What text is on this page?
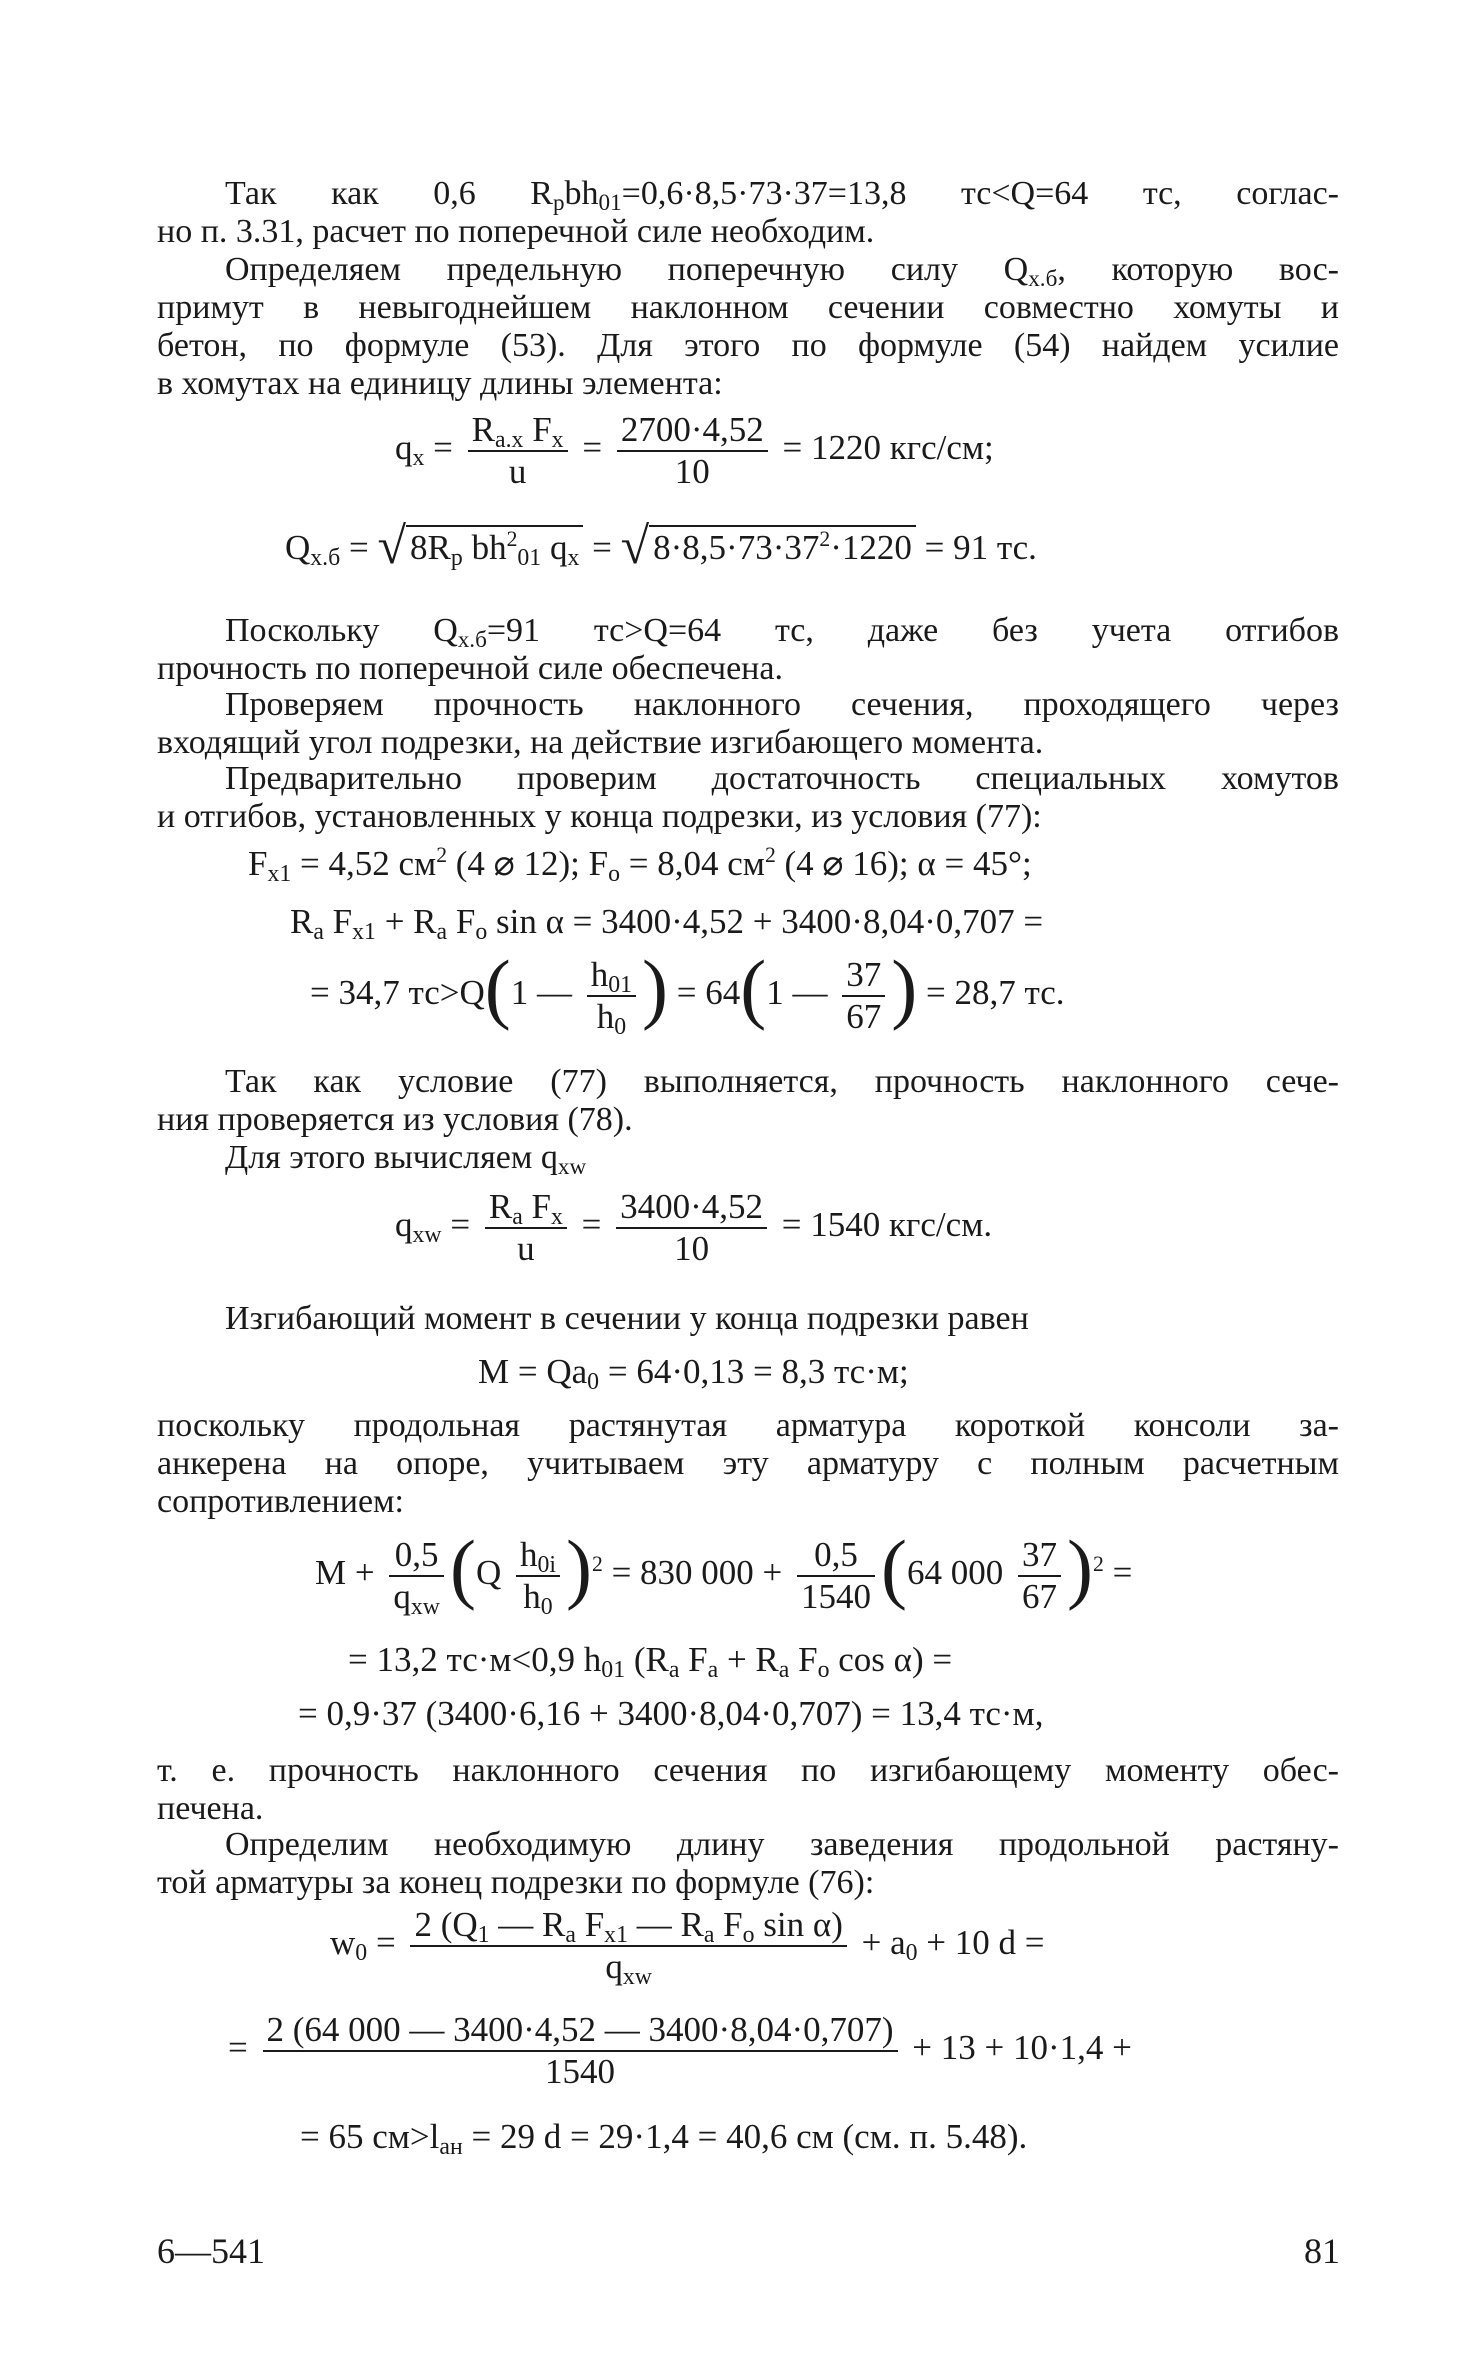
Так как 0,6 $R_рbh_{01}=0,6\cdot 8,5\cdot 73\cdot 37=13,8$ тс<Q=64 тс, соглас-
но п. 3.31, расчет по поперечной силе необходим.
Определяем предельную поперечную силу $Q_{х.б}$, которую вос-
примут в невыгоднейшем наклонном сечении совместно хомуты и
бетон, по формуле (53). Для этого по формуле (54) найдем усилие
в хомутах на единицу длины элемента:
$q_х = \frac{R_{а.х} F_х}{u} = \frac{2700\cdot 4,52}{10} = 1220$ кгс/см;
$Q_{х.б}$ = √ $8R_р$ $bh^2_{01}$ $q_х$ = √ $8\cdot 8,5\cdot 73\cdot 37^2\cdot 1220 = 91$ тс.
Поскольку $Q_{х.б}=91$ тс>Q=64 тс, даже без учета отгибов
прочность по поперечной силе обеспечена.
Проверяем прочность наклонного сечения, проходящего через
входящий угол подрезки, на действие изгибающего момента.
Предварительно проверим достаточность специальных хомутов
и отгибов, установленных у конца подрезки, из условия (77):
$F_{х1} = 4,52$ $см^2$ (4 ⌀ 12); $F_о = 8,04$ $см^2$ (4 ⌀ 16); α = 45°;
$R_а$ $F_{х1} + R_а$ $F_о$ sin α = 3400·4,52 + 3400·8,04·0,707 =
= 34,7 тс>Q(1 — $\frac{h_{01}}{h_0}$ ) = 64(1 — $\frac{37}{67}$ ) = 28,7 тс.
Так как условие (77) выполняется, прочность наклонного сече-
ния проверяется из условия (78).
Для этого вычисляем $q_{хw}$
$q_{хw} = \frac{R_а F_х}{u} = \frac{3400\cdot 4,52}{10} = 1540$ кгс/см.
Изгибающий момент в сечении у конца подрезки равен
$M = Qa_0 = 64\cdot 0,13 = 8,3$ тс·м;
поскольку продольная растянутая арматура короткой консоли за-
анкерена на опоре, учитываем эту арматуру с полным расчетным
сопротивлением:
$M + \frac{0,5}{q_{хw}} (Q \frac{h_{0i}}{h_0} )^2 = 830$ $000 + \frac{0,5}{1540} (64$ $000 \frac{37}{67} )^2$ =
= 13,2 тс·м<0,9 $h_{01}$ ($R_а$ $F_а + R_а$ $F_о$ cos α) =
= 0,9·37 (3400·6,16 + 3400·8,04·0,707) = 13,4 тс·м,
т. е. прочность наклонного сечения по изгибающему моменту обес-
печена.
Определим необходимую длину заведения продольной растяну-
той арматуры за конец подрезки по формуле (76):
$w_0 = \frac{2 (Q_1 — R_а F_{х1} — R_а F_о \sin \alpha)}{q_{хw}} + a_0 + 10$ d =
= $\frac{2 (64 000 — 3400\cdot 4,52 — 3400\cdot 8,04\cdot 0,707)}{1540} + 13 + 10\cdot 1,4$ +
= 65 $см>l_{ан} = 29$ d = 29·1,4 = 40,6 см (см. п. 5.48).
6—541	81
